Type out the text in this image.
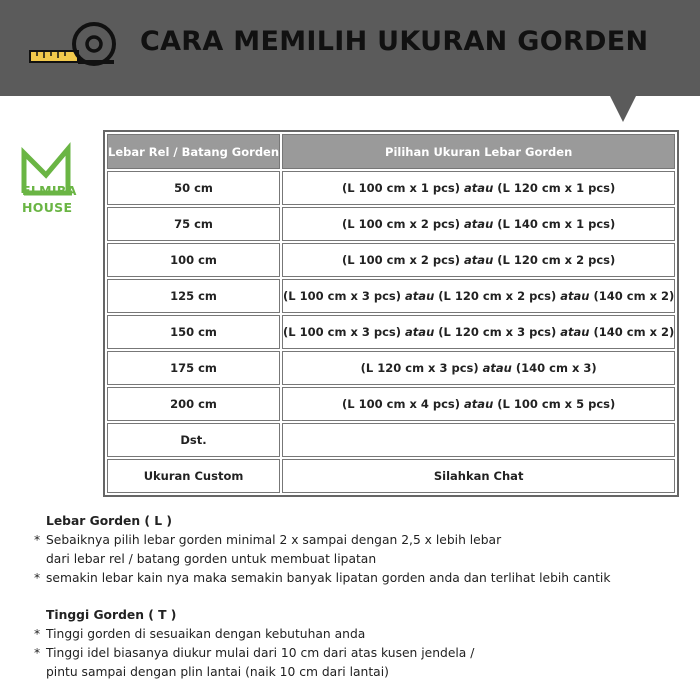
CARA MEMILIH UKURAN GORDEN
ELMIRA
HOUSE
Lebar Rel / Batang Gorden	Pilihan Ukuran Lebar Gorden
50 cm	(L 100 cm x 1 pcs) atau (L 120 cm x 1 pcs)
75 cm	(L 100 cm x 2 pcs) atau (L 140 cm x 1 pcs)
100 cm	(L 100 cm x 2 pcs) atau (L 120 cm x 2 pcs)
125 cm	(L 100 cm x 3 pcs) atau (L 120 cm x 2 pcs) atau (140 cm x 2)
150 cm	(L 100 cm x 3 pcs) atau (L 120 cm x 3 pcs) atau (140 cm x 2)
175 cm	(L 120 cm x 3 pcs) atau (140 cm x 3)
200 cm	(L 100 cm x 4 pcs) atau (L 100 cm x 5 pcs)
Dst.	
Ukuran Custom	Silahkan Chat
Lebar Gorden ( L )
* Sebaiknya pilih lebar gorden minimal 2 x sampai dengan 2,5 x lebih lebar
dari lebar rel / batang gorden untuk membuat lipatan
* semakin lebar kain nya maka semakin banyak lipatan gorden anda dan terlihat lebih cantik
Tinggi Gorden ( T )
* Tinggi gorden di sesuaikan dengan kebutuhan anda
* Tinggi idel biasanya diukur mulai dari 10 cm dari atas kusen jendela /
pintu sampai dengan plin lantai (naik 10 cm dari lantai)
